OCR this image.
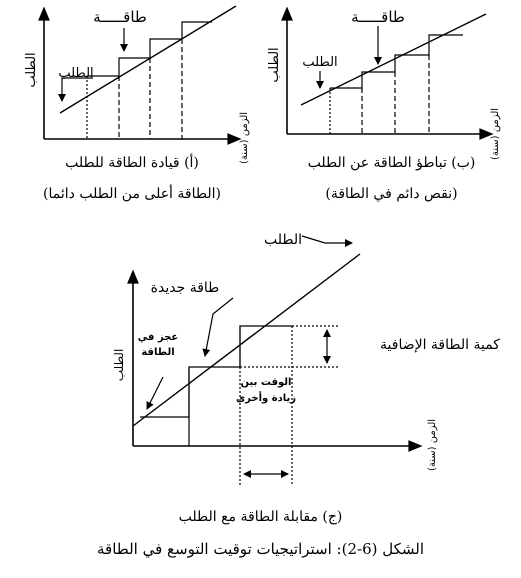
طاقـــــة
الطلب
الطلب
الزمن (سنة)
طاقـــــة
الطلب
الطلب
الزمن (سنة)
الطلب
طاقة جديدة
عجز في
الطاقة	كمية الطاقة الإضافية
الوقت بين
زيادة وأخرى
الطلب
الزمن (سنة)
(أ) قيادة الطاقة للطلب
(الطاقة أعلى من الطلب دائما)
(ب) تباطؤ الطاقة عن الطلب
(نقص دائم في الطاقة)
(ج) مقابلة الطاقة مع الطلب
الشكل (6-2): استراتيجيات توقيت التوسع في الطاقة
